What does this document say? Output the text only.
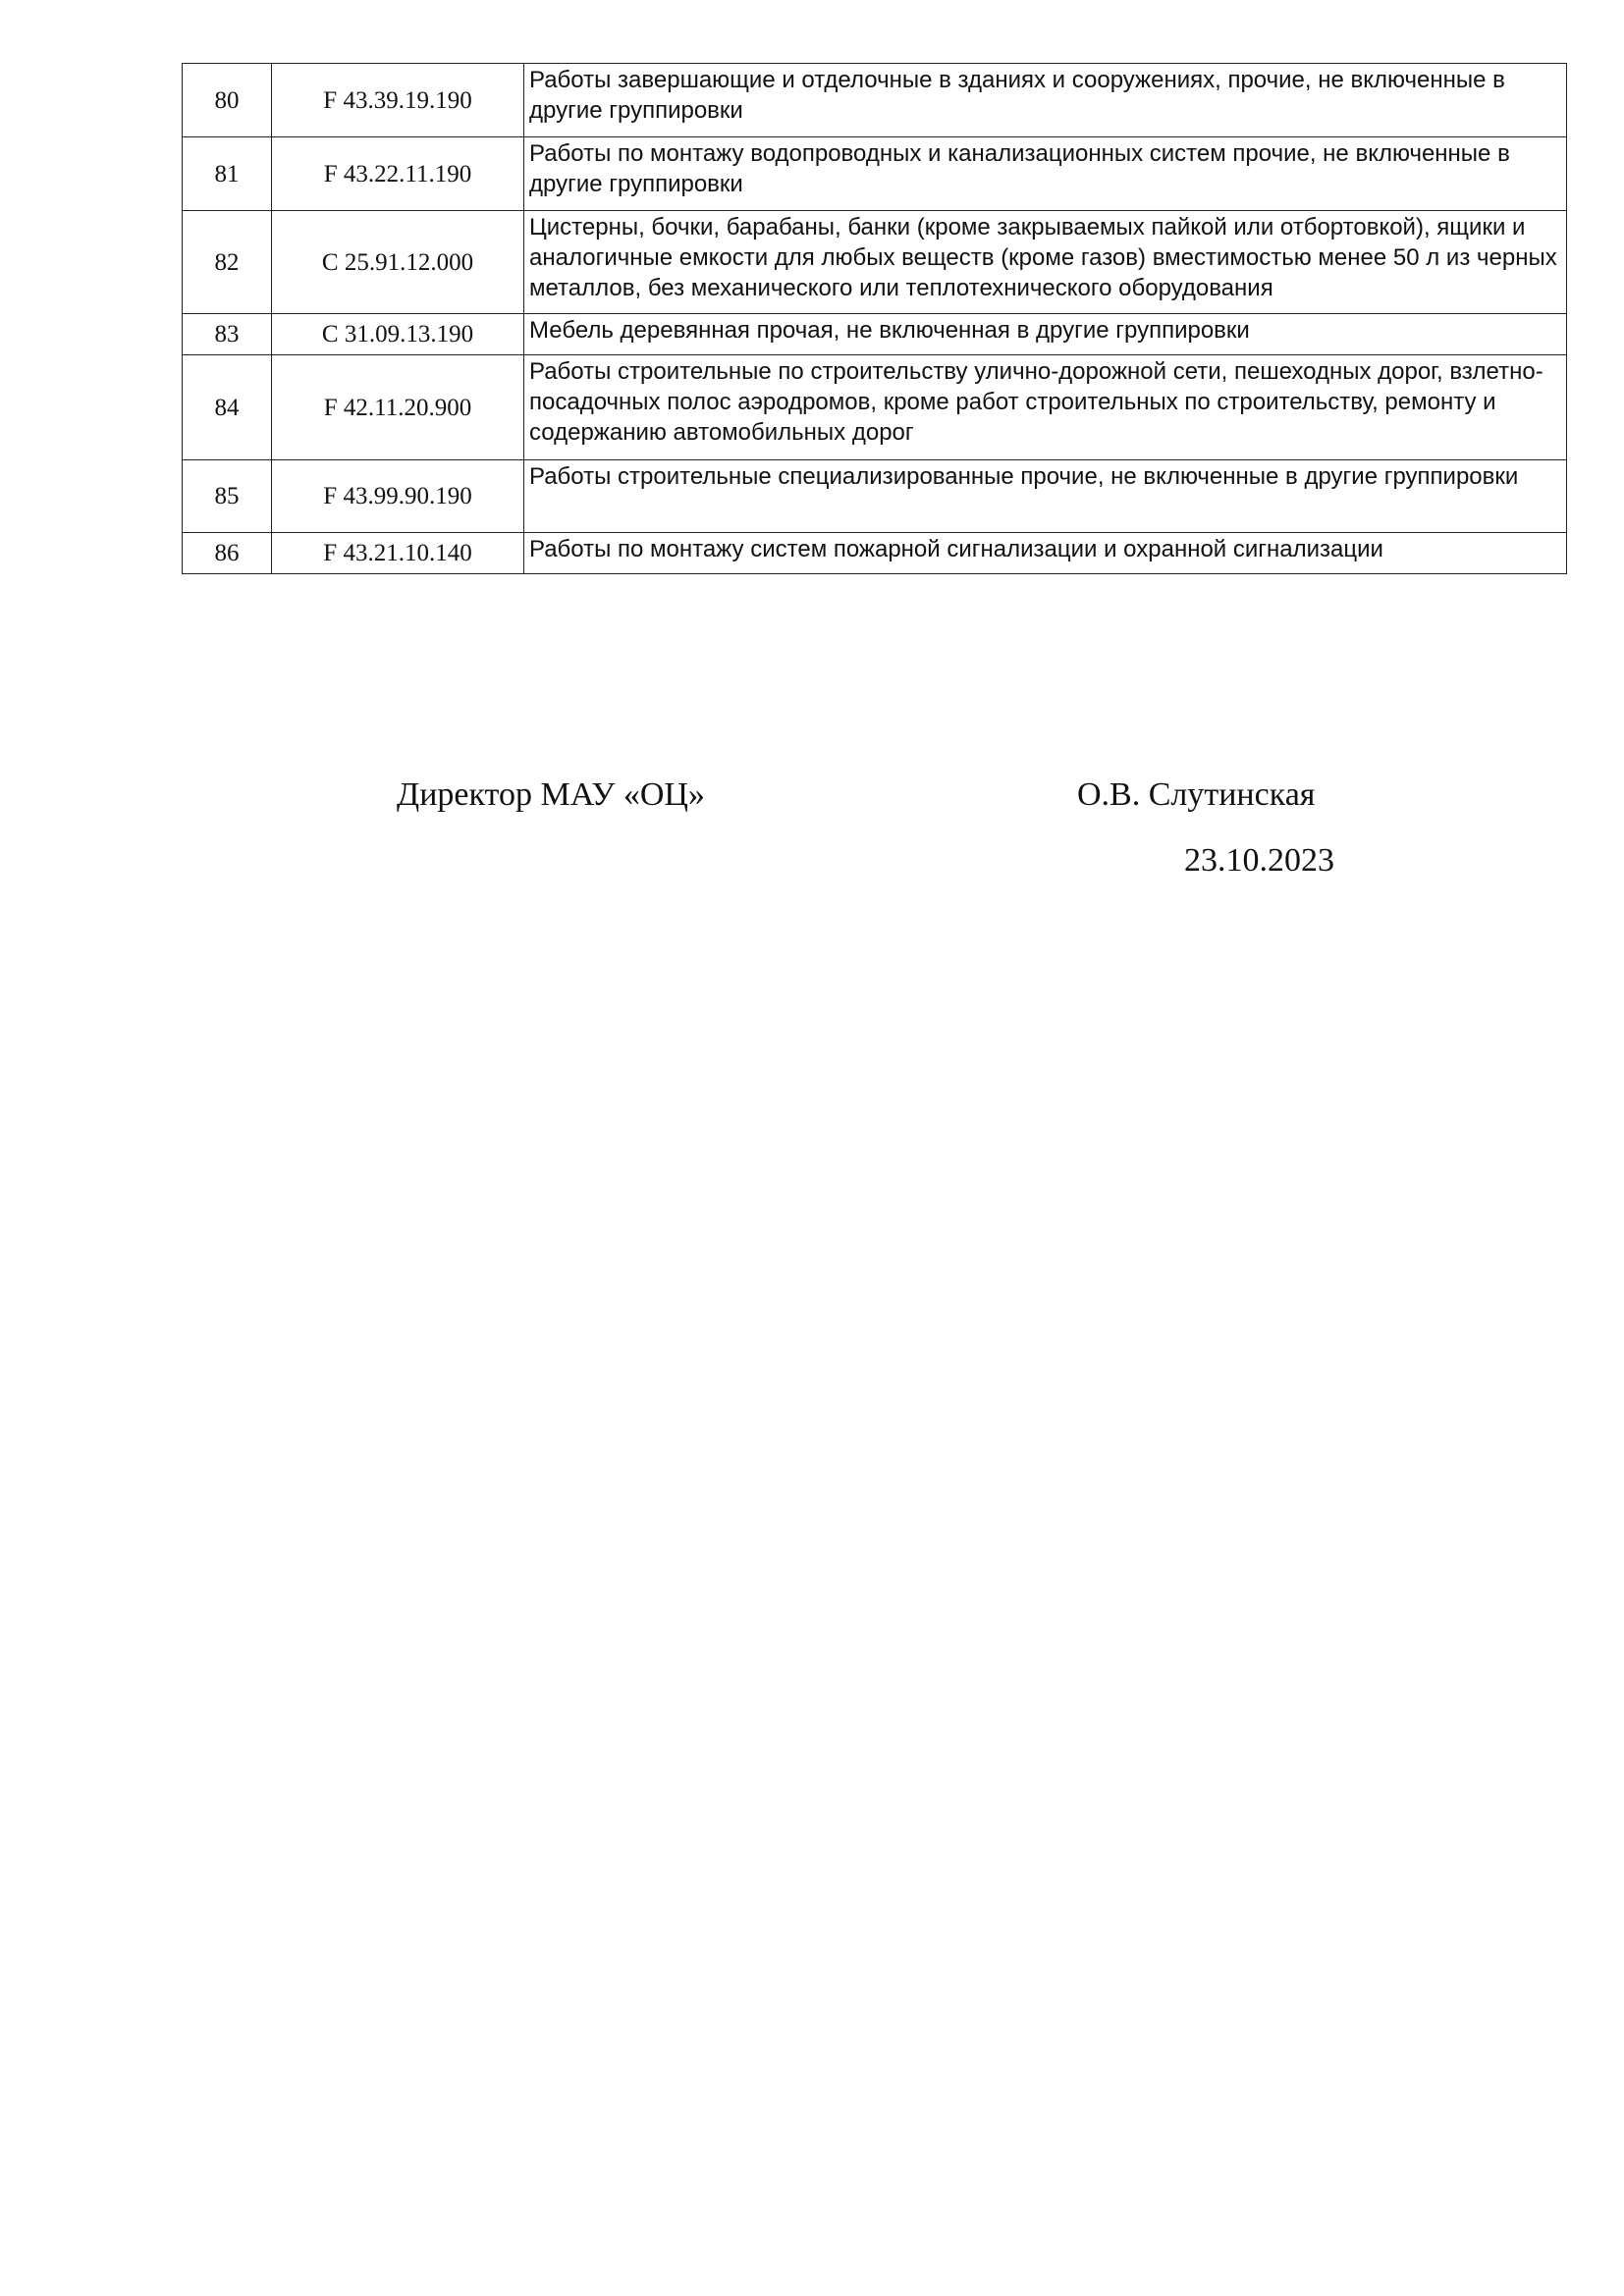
80	F 43.39.19.190	Работы завершающие и отделочные в зданиях и сооружениях, прочие, не включенные в другие группировки
81	F 43.22.11.190	Работы по монтажу водопроводных и канализационных систем прочие, не включенные в другие группировки
82	C 25.91.12.000	Цистерны, бочки, барабаны, банки (кроме закрываемых пайкой или отбортовкой), ящики и аналогичные емкости для любых веществ (кроме газов) вместимостью менее 50 л из черных металлов, без механического или теплотехнического оборудования
83	C 31.09.13.190	Мебель деревянная прочая, не включенная в другие группировки
84	F 42.11.20.900	Работы строительные по строительству улично-дорожной сети, пешеходных дорог, взлетно-посадочных полос аэродромов, кроме работ строительных по строительству, ремонту и содержанию автомобильных дорог
85	F 43.99.90.190	Работы строительные специализированные прочие, не включенные в другие группировки
86	F 43.21.10.140	Работы по монтажу систем пожарной сигнализации и охранной сигнализации
Директор МАУ «ОЦ»	О.В. Слутинская
23.10.2023
